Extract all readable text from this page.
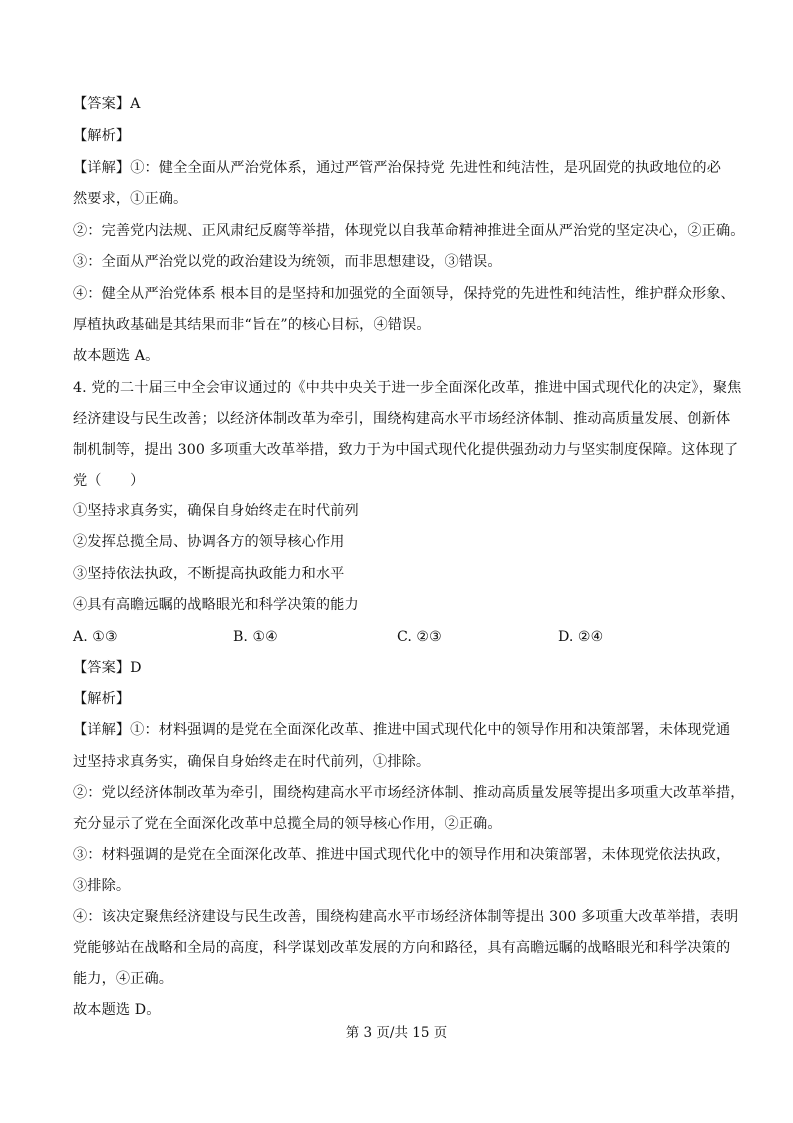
【答案】A
【解析】
【详解】①：健全全面从严治党体系，通过严管严治保持党 先进性和纯洁性，是巩固党的执政地位的必
然要求，①正确。
②：完善党内法规、正风肃纪反腐等举措，体现党以自我革命精神推进全面从严治党的坚定决心，②正确。
③：全面从严治党以党的政治建设为统领，而非思想建设，③错误。
④：健全从严治党体系 根本目的是坚持和加强党的全面领导，保持党的先进性和纯洁性，维护群众形象、
厚植执政基础是其结果而非“旨在”的核心目标，④错误。
故本题选 A。
4. 党的二十届三中全会审议通过的《中共中央关于进一步全面深化改革，推进中国式现代化的决定》，聚焦
经济建设与民生改善；以经济体制改革为牵引，围绕构建高水平市场经济体制、推动高质量发展、创新体
制机制等，提出 300 多项重大改革举措，致力于为中国式现代化提供强劲动力与坚实制度保障。这体现了
党（　　）
①坚持求真务实，确保自身始终走在时代前列
②发挥总揽全局、协调各方的领导核心作用
③坚持依法执政，不断提高执政能力和水平
④具有高瞻远瞩的战略眼光和科学决策的能力
A. ①③	B. ①④	C. ②③	D. ②④
【答案】D
【解析】
【详解】①：材料强调的是党在全面深化改革、推进中国式现代化中的领导作用和决策部署，未体现党通
过坚持求真务实，确保自身始终走在时代前列，①排除。
②：党以经济体制改革为牵引，围绕构建高水平市场经济体制、推动高质量发展等提出多项重大改革举措，
充分显示了党在全面深化改革中总揽全局的领导核心作用，②正确。
③：材料强调的是党在全面深化改革、推进中国式现代化中的领导作用和决策部署，未体现党依法执政，
③排除。
④：该决定聚焦经济建设与民生改善，围绕构建高水平市场经济体制等提出 300 多项重大改革举措，表明
党能够站在战略和全局的高度，科学谋划改革发展的方向和路径，具有高瞻远瞩的战略眼光和科学决策的
能力，④正确。
故本题选 D。
第 3 页/共 15 页
